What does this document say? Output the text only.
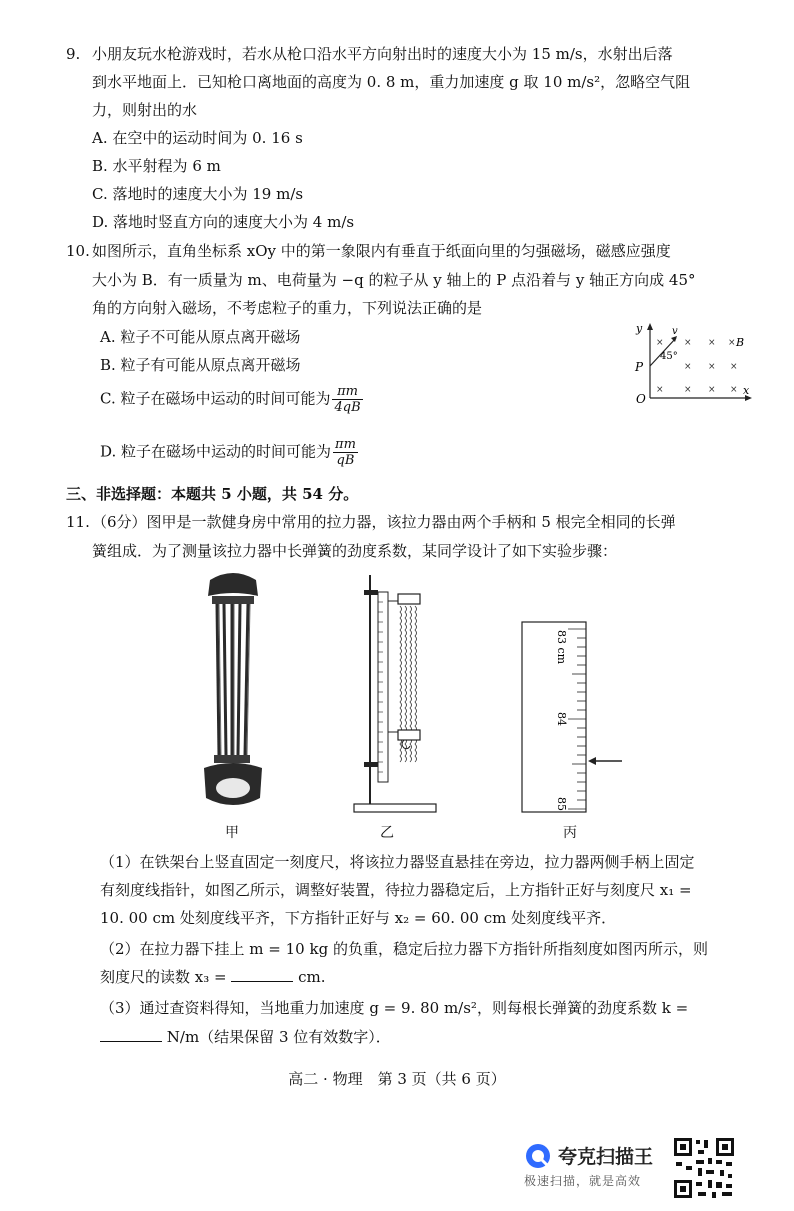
9. 小朋友玩水枪游戏时，若水从枪口沿水平方向射出时的速度大小为 15 m/s，水射出后落
到水平地面上．已知枪口离地面的高度为 0. 8 m，重力加速度 g 取 10 m/s²，忽略空气阻
力，则射出的水
A. 在空中的运动时间为 0. 16 s
B. 水平射程为 6 m
C. 落地时的速度大小为 19 m/s
D. 落地时竖直方向的速度大小为 4 m/s
10. 如图所示，直角坐标系 xOy 中的第一象限内有垂直于纸面向里的匀强磁场，磁感应强度
大小为 B．有一质量为 m、电荷量为 −q 的粒子从 y 轴上的 P 点沿着与 y 轴正方向成 45°
角的方向射入磁场，不考虑粒子的重力，下列说法正确的是
A. 粒子不可能从原点离开磁场
B. 粒子有可能从原点离开磁场
C. 粒子在磁场中运动的时间可能为 $\frac{\pi m}{4qB}$
D. 粒子在磁场中运动的时间可能为 $\frac{\pi m}{qB}$
y
x
O
P
v
45°
B
× × × ×
× × ×
× × × ×
三、非选择题：本题共 5 小题，共 54 分。
11. （6分）图甲是一款健身房中常用的拉力器，该拉力器由两个手柄和 5 根完全相同的长弹
簧组成．为了测量该拉力器中长弹簧的劲度系数，某同学设计了如下实验步骤：
83 cm
84
85
甲	乙	丙
（1）在铁架台上竖直固定一刻度尺，将该拉力器竖直悬挂在旁边，拉力器两侧手柄上固定
有刻度线指针，如图乙所示，调整好装置，待拉力器稳定后，上方指针正好与刻度尺 x₁ =
10. 00 cm 处刻度线平齐，下方指针正好与 x₂ = 60. 00 cm 处刻度线平齐．
（2）在拉力器下挂上 m = 10 kg 的负重，稳定后拉力器下方指针所指刻度如图丙所示，则
刻度尺的读数 x₃ =	cm.
（3）通过查资料得知，当地重力加速度 g = 9. 80 m/s²，则每根长弹簧的劲度系数 k =
N/m（结果保留 3 位有效数字）．
高二 · 物理　第 3 页（共 6 页）
夸克扫描王
极速扫描，就是高效
